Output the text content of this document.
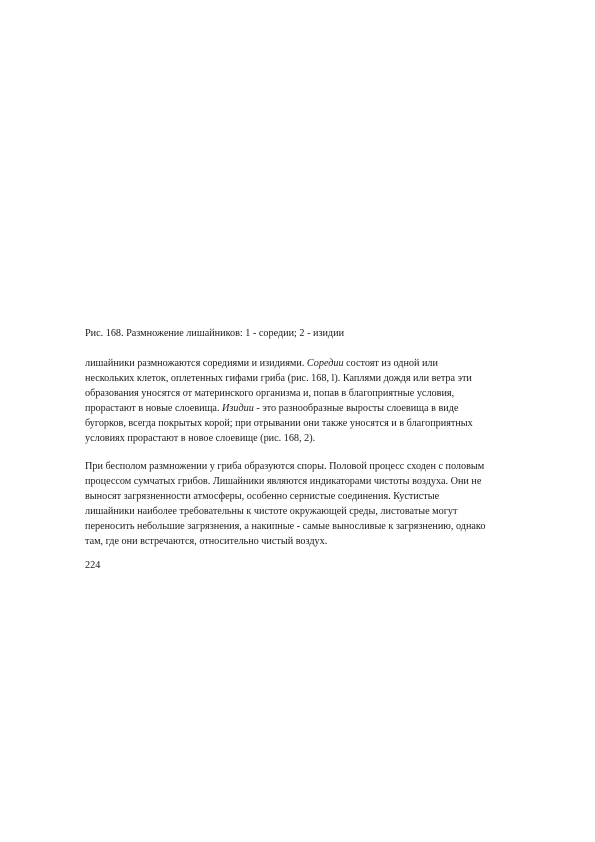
Рис. 168. Размножение лишайников: 1 - соредии; 2 - изидии
лишайники размножаются соредиями и изидиями. Соредии состоят из одной или
нескольких клеток, оплетенных гифами гриба (рис. 168, l). Каплями дождя или ветра эти
образования уносятся от материнского организма и, попав в благоприятные условия,
прорастают в новые слоевища. Изидии - это разнообразные выросты слоевища в виде
бугорков, всегда покрытых корой; при отрывании они также уносятся и в благоприятных
условиях прорастают в новое слоевище (рис. 168, 2).
При бесполом размножении у гриба образуются споры. Половой процесс сходен с половым
процессом сумчатых грибов. Лишайники являются индикаторами чистоты воздуха. Они не
выносят загрязненности атмосферы, особенно сернистые соединения. Кустистые
лишайники наиболее требовательны к чистоте окружающей среды, листоватые могут
переносить небольшие загрязнения, а накипные - самые выносливые к загрязнению, однако
там, где они встречаются, относительно чистый воздух.
224
